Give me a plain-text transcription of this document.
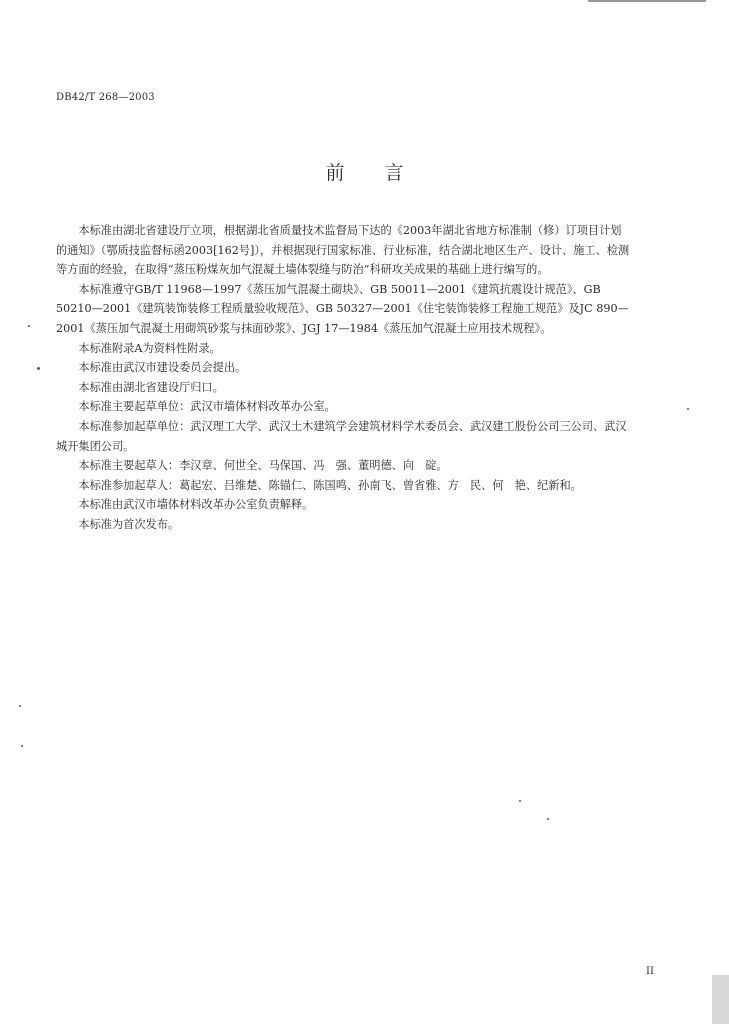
DB42/T 268—2003
前言

本标准由湖北省建设厅立项，根据湖北省质量技术监督局下达的《2003年湖北省地方标准制（修）订项目计划的通知》（鄂质技监督标函2003[162号]），并根据现行国家标准、行业标准，结合湖北地区生产、设计、施工、检测等方面的经验，在取得“蒸压粉煤灰加气混凝土墙体裂缝与防治”科研攻关成果的基础上进行编写的。

本标准遵守GB/T 11968—1997《蒸压加气混凝土砌块》、GB 50011—2001《建筑抗震设计规范》、GB 50210—2001《建筑装饰装修工程质量验收规范》、GB 50327—2001《住宅装饰装修工程施工规范》及JC 890—2001《蒸压加气混凝土用砌筑砂浆与抹面砂浆》、JGJ 17—1984《蒸压加气混凝土应用技术规程》。

本标准附录A为资料性附录。

本标准由武汉市建设委员会提出。

本标准由湖北省建设厅归口。

本标准主要起草单位：武汉市墙体材料改革办公室。

本标准参加起草单位：武汉理工大学、武汉土木建筑学会建筑材料学术委员会、武汉建工股份公司三公司、武汉城开集团公司。

本标准主要起草人： 李汉章、何世全、马保国、冯　强、董明德、向　碇。
本标准参加起草人： 葛起宏、吕维楚、陈锚仁、陈国鸣、孙南飞、曾省雅、方　民、何　艳、纪新和。

本标准由武汉市墙体材料改革办公室负责解释。

本标准为首次发布。

II
